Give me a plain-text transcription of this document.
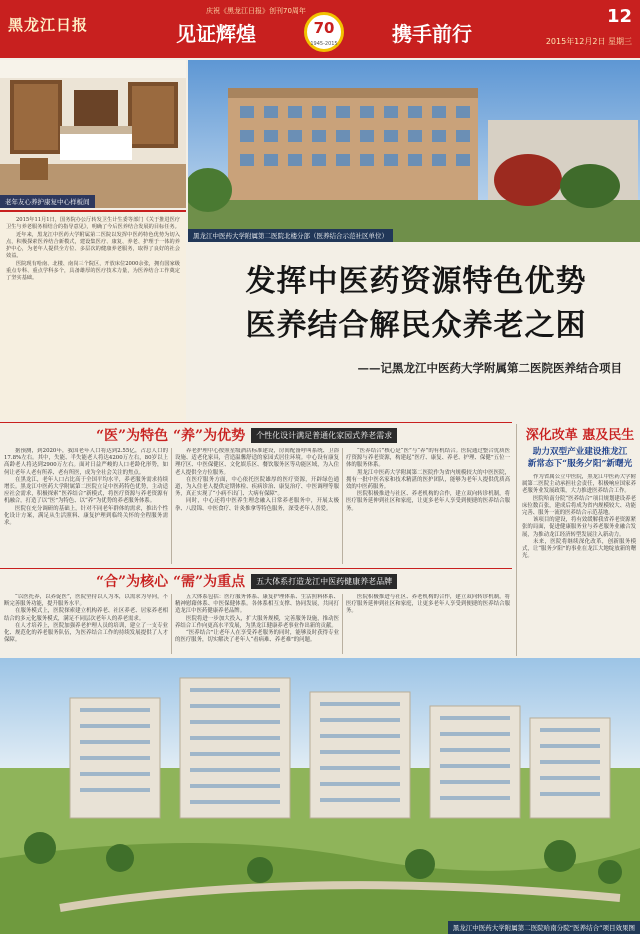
黑龙江日报
庆祝《黑龙江日报》创刊70周年
见证辉煌	70
1945-2015	携手前行
12
2015年12月2日 星期三
老年友心养护康复中心样板间
黑龙江中医药大学附属第二医院北楼分部（医养结合示范社区单位）

2015年11月1日，国务院办公厅转发卫生计生委等部门《关于推进医疗卫生与养老服务相结合的指导意见》，明确了今后医养结合发展的目标任务。

近年来，黑龙江中医药大学附属第二医院以发挥中医药特色优势为切入点，积极探索医养结合新模式，建设集医疗、康复、养老、护理于一体的养护中心，为老年人提供全方位、多层次的健康养老服务，取得了良好的社会效益。

医院现有哈南、北楼、南岗三个院区，开放床位2000余张，拥有国家级重点专科、重点学科多个，具备雄厚的医疗技术力量，为医养结合工作奠定了坚实基础。	发挥中医药资源特色优势
医养结合解民众养老之困
——记黑龙江中医药大学附属第二医院医养结合项目
“医”为特色 “养”为优势	个性化设计满足普通化家园式养老需求

据预测，到2020年，我国老年人口将达到2.55亿，占总人口的17.8%左右。其中，失能、半失能老人将达4200万左右，80岁以上高龄老人将达到2900万左右。面对日益严峻的人口老龄化形势，如何让老年人老有所养、老有所医，成为全社会关注的焦点。

在黑龙江，老年人口占比高于全国平均水平，养老服务需求持续增长。黑龙江中医药大学附属第二医院立足中医药特色优势，主动适应社会需求，积极探索“医养结合”新模式，将医疗资源与养老资源有机融合，打造了以“医”为特色、以“养”为优势的养老服务体系。

医院在充分调研的基础上，针对不同老年群体的需求，推出个性化设计方案，满足从生活照料、康复护理到临终关怀的全程服务需求。

养老护理中心按照星级酒店标准建设，房间配备呼叫系统、卫浴设施、适老化家具，营造温馨舒适的家园式居住环境。中心设有康复理疗区、中医保健区、文化娱乐区、餐饮服务区等功能区域，为入住老人提供全方位服务。

在医疗服务方面，中心依托医院雄厚的医疗资源，开辟绿色通道，为入住老人提供定期体检、疾病诊治、康复治疗、中医调理等服务，真正实现了“小病不出门、大病有保障”。

同时，中心还将中医养生理念融入日常养老服务中，开展太极拳、八段锦、中医食疗、针灸推拿等特色服务，深受老年人喜爱。

“医养结合”核心是“医”与“养”的有机结合。医院通过整合优质医疗资源与养老资源，构建起“医疗、康复、养老、护理、保健”五位一体的服务体系。

黑龙江中医药大学附属第二医院作为省内规模较大的中医医院，拥有一批中医名家和技术精湛的医护团队，能够为老年人提供优质高效的中医药服务。

医院积极推进与社区、养老机构的合作，建立双向转诊机制，将医疗服务延伸到社区和家庭，让更多老年人享受到便捷的医养结合服务。

“合”为核心 “需”为重点	五大体系打造龙江中医药健康养老品牌

“以医托养，以养促医”，医院坚持以人为本，以需求为导向，不断完善服务功能，提升服务水平。

在服务模式上，医院探索建立机构养老、社区养老、居家养老相结合的多元化服务模式，满足不同层次老年人的养老需求。

在人才培养上，医院加强养老护理人员的培训，建立了一支专业化、规范化的养老服务队伍，为医养结合工作的持续发展提供了人才保障。

五大体系包括：医疗服务体系、康复护理体系、生活照料体系、精神慰藉体系、中医保健体系。各体系相互支撑、协同发展，共同打造龙江中医药健康养老品牌。

医院将进一步加大投入，扩大服务规模，完善服务设施，推动医养结合工作向更高水平发展，为黑龙江健康养老事业作出新的贡献。

“医养结合”让老年人在享受养老服务的同时，能够及时获得专业的医疗服务，切实解决了老年人“看病难、养老难”的问题。

医院积极推进与社区、养老机构的合作，建立双向转诊机制，将医疗服务延伸到社区和家庭，让更多老年人享受到便捷的医养结合服务。

深化改革 惠及民生
助力双型产业建设推龙江
新常态下“服务夕阳”新曙光

作为省属公立中医院，黑龙江中医药大学附属第二医院主动承担社会责任，积极响应国家养老服务业发展政策，大力推进医养结合工作。

医院哈南分院“医养结合”项目规划建设养老床位数百张，建成后将成为省内规模较大、功能完善、服务一流的医养结合示范基地。

该项目的建设，将有效缓解我省养老资源紧张的局面，促进健康服务业与养老服务业融合发展，为推动龙江经济转型发展注入新动力。

未来，医院将继续深化改革，创新服务模式，让“服务夕阳”的事业在龙江大地绽放新的曙光。

黑龙江中医药大学附属第二医院哈南分院“医养结合”项目效果图
